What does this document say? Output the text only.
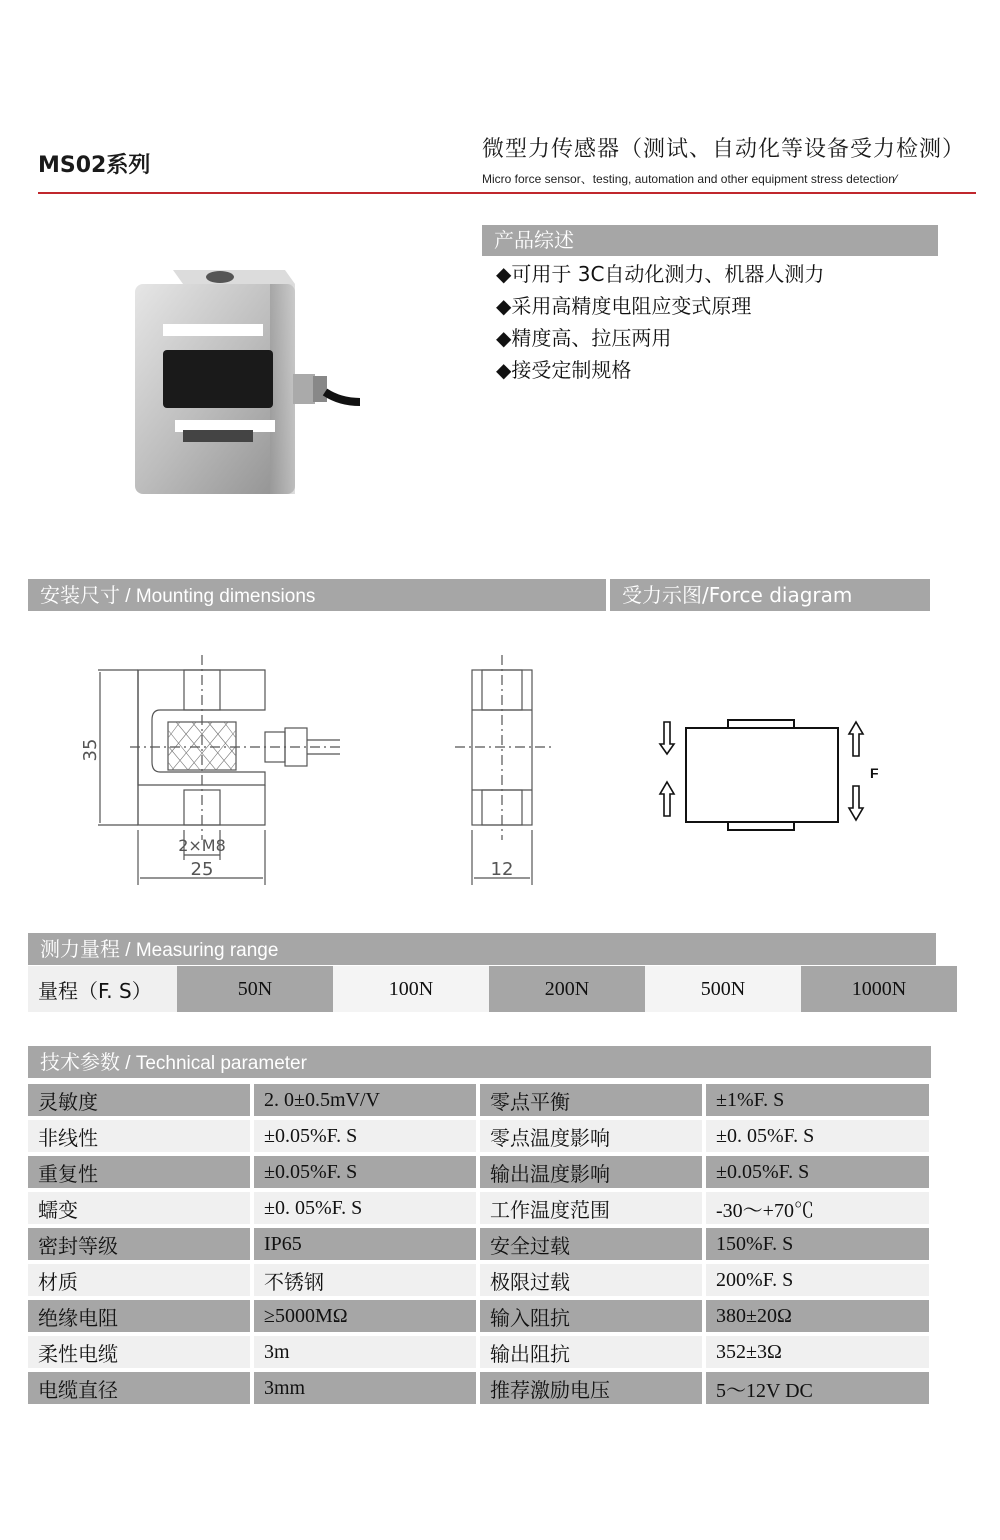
MS02系列
微型力传感器（测试、自动化等设备受力检测）
Micro force sensor、testing, automation and other equipment stress detection⁄
产品综述
◆可用于 3C自动化测力、机器人测力
◆采用高精度电阻应变式原理
◆精度高、拉压两用
◆接受定制规格
安装尺寸 / Mounting dimensions	受力示图/Force diagram
35
2×M8
25	12
F
测力量程 / Measuring range
量程（F. S）	50N	100N	200N	500N	1000N
技术参数 / Technical parameter
灵敏度		2. 0±0.5mV/V		零点平衡		±1%F. S
非线性		±0.05%F. S		零点温度影响		±0. 05%F. S
重复性		±0.05%F. S		输出温度影响		±0.05%F. S
蠕变		±0. 05%F. S		工作温度范围		-30～+70℃
密封等级		IP65		安全过载		150%F. S
材质		不锈钢		极限过载		200%F. S
绝缘电阻		≥5000MΩ		输入阻抗		380±20Ω
柔性电缆		3m		输出阻抗		352±3Ω
电缆直径		3mm		推荐激励电压		5～12V DC
